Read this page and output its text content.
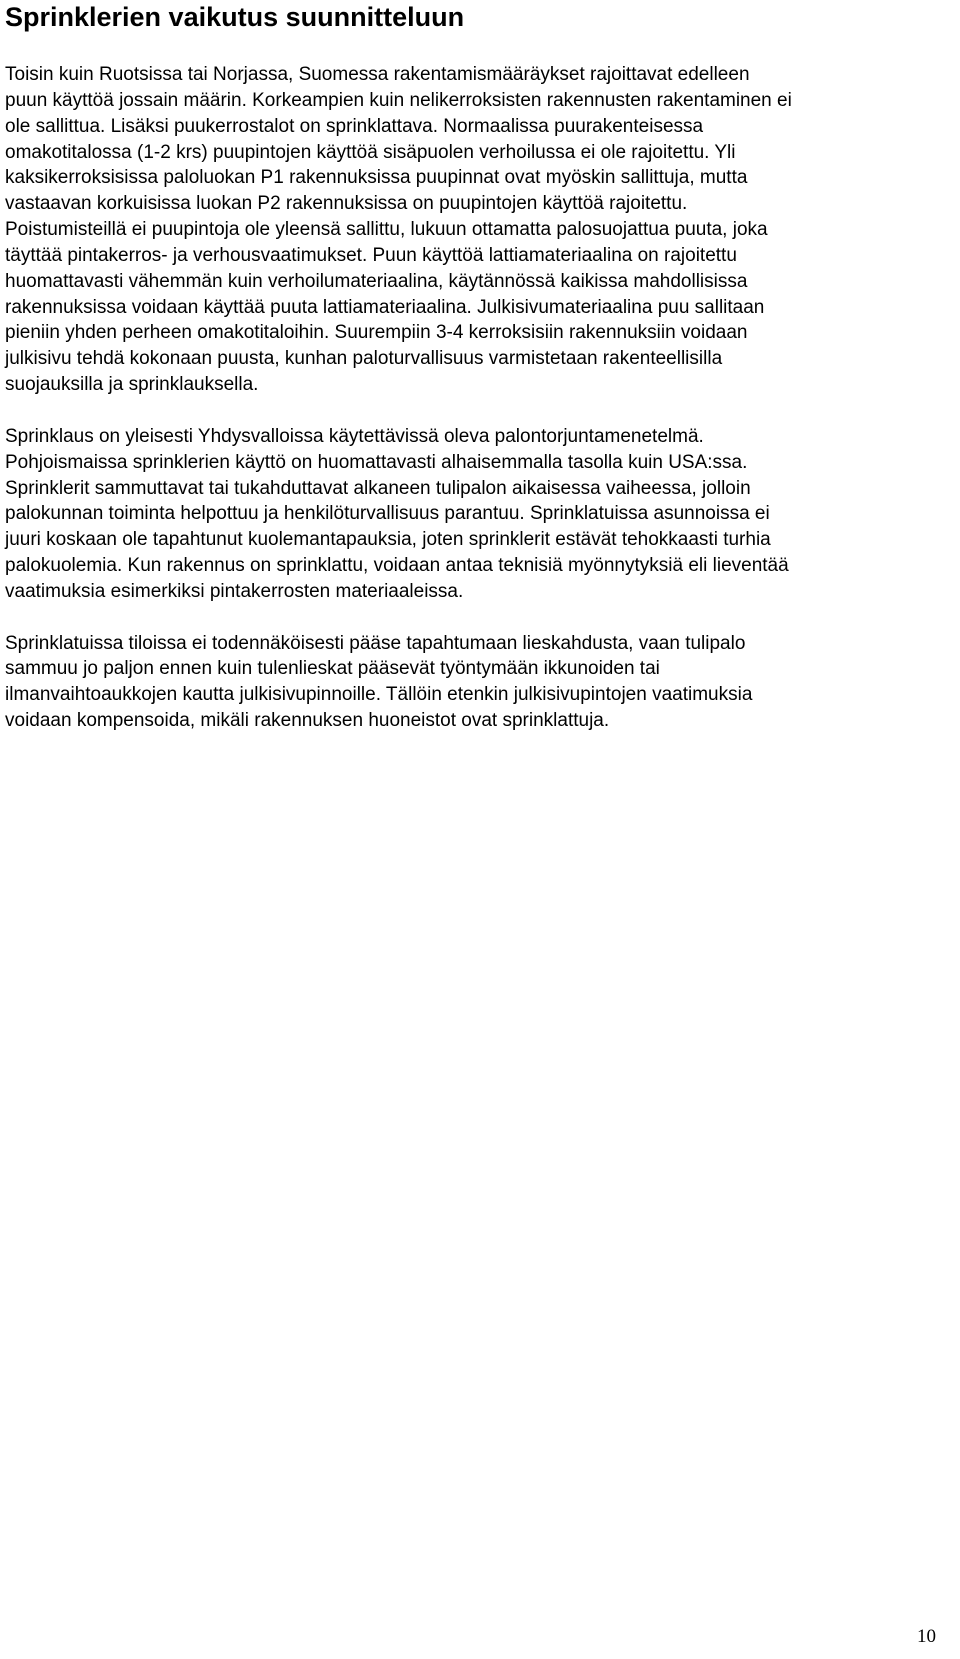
Sprinklerien vaikutus suunnitteluun
Toisin kuin Ruotsissa tai Norjassa, Suomessa rakentamismääräykset rajoittavat edelleen
puun käyttöä jossain määrin. Korkeampien kuin nelikerroksisten rakennusten rakentaminen ei
ole sallittua. Lisäksi puukerrostalot on sprinklattava. Normaalissa puurakenteisessa
omakotitalossa (1-2 krs) puupintojen käyttöä sisäpuolen verhoilussa ei ole rajoitettu. Yli
kaksikerroksisissa paloluokan P1 rakennuksissa puupinnat ovat myöskin sallittuja, mutta
vastaavan korkuisissa luokan P2 rakennuksissa on puupintojen käyttöä rajoitettu.
Poistumisteillä ei puupintoja ole yleensä sallittu, lukuun ottamatta palosuojattua puuta, joka
täyttää pintakerros- ja verhousvaatimukset. Puun käyttöä lattiamateriaalina on rajoitettu
huomattavasti vähemmän kuin verhoilumateriaalina, käytännössä kaikissa mahdollisissa
rakennuksissa voidaan käyttää puuta lattiamateriaalina. Julkisivumateriaalina puu sallitaan
pieniin yhden perheen omakotitaloihin. Suurempiin 3-4 kerroksisiin rakennuksiin voidaan
julkisivu tehdä kokonaan puusta, kunhan paloturvallisuus varmistetaan rakenteellisilla
suojauksilla ja sprinklauksella.
Sprinklaus on yleisesti Yhdysvalloissa käytettävissä oleva palontorjuntamenetelmä.
Pohjoismaissa sprinklerien käyttö on huomattavasti alhaisemmalla tasolla kuin USA:ssa.
Sprinklerit sammuttavat tai tukahduttavat alkaneen tulipalon aikaisessa vaiheessa, jolloin
palokunnan toiminta helpottuu ja henkilöturvallisuus parantuu. Sprinklatuissa asunnoissa ei
juuri koskaan ole tapahtunut kuolemantapauksia, joten sprinklerit estävät tehokkaasti turhia
palokuolemia. Kun rakennus on sprinklattu, voidaan antaa teknisiä myönnytyksiä eli lieventää
vaatimuksia esimerkiksi pintakerrosten materiaaleissa.
Sprinklatuissa tiloissa ei todennäköisesti pääse tapahtumaan lieskahdusta, vaan tulipalo
sammuu jo paljon ennen kuin tulenlieskat pääsevät työntymään ikkunoiden tai
ilmanvaihtoaukkojen kautta julkisivupinnoille. Tällöin etenkin julkisivupintojen vaatimuksia
voidaan kompensoida, mikäli rakennuksen huoneistot ovat sprinklattuja.
10
